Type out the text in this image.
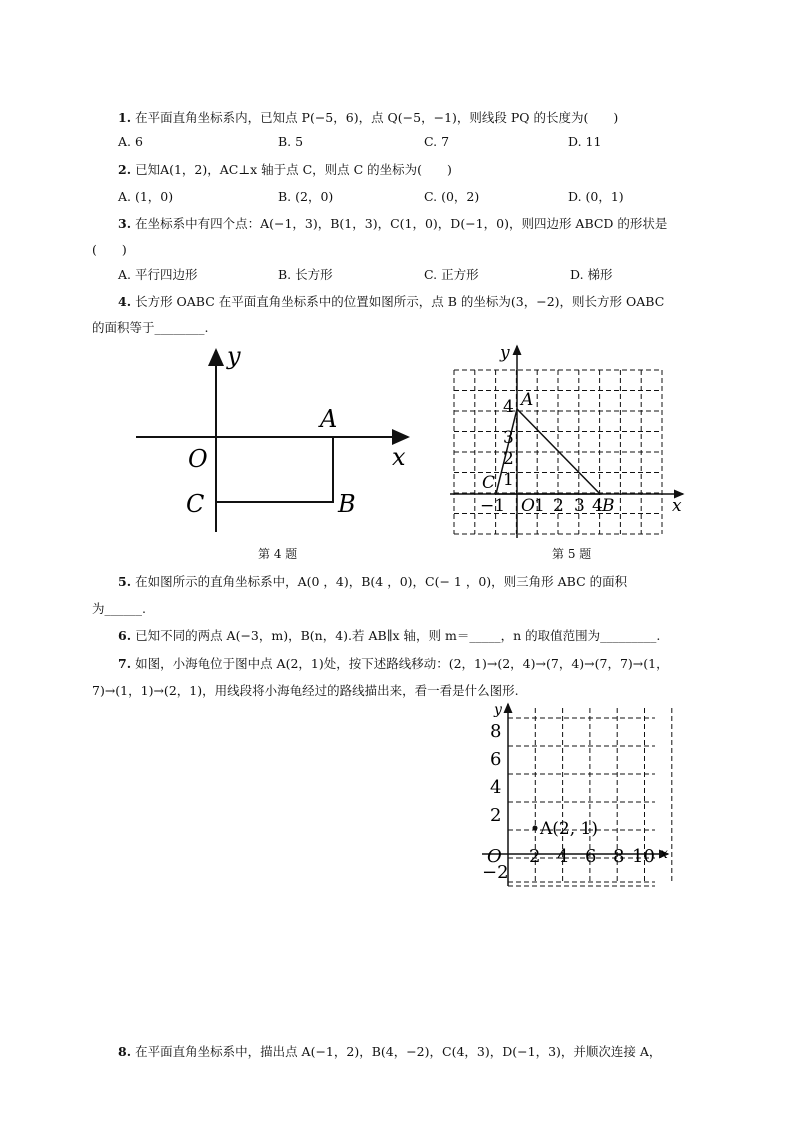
1. 在平面直角坐标系内，已知点 P(−5，6)，点 Q(−5，−1)，则线段 PQ 的长度为(　　)
A. 6	B. 5	C. 7	D. 11
2. 已知A(1，2)，AC⊥x 轴于点 C，则点 C 的坐标为(　　)
A. (1，0)	B. (2，0)	C. (0，2)	D. (0，1)
3. 在坐标系中有四个点：A(−1，3)，B(1，3)，C(1，0)，D(−1，0)，则四边形 ABCD 的形状是
(　　)
A. 平行四边形	B. 长方形	C. 正方形	D. 梯形
4. 长方形 OABC 在平面直角坐标系中的位置如图所示，点 B 的坐标为(3，−2)，则长方形 OABC
的面积等于________.
y
x
O
A
B
C
第 4 题
y
x
A
B
C
O
−1 1 2 3 4
1
2
3
4
第 5 题
5. 在如图所示的直角坐标系中，A(0 ，4)，B(4 ，0)，C(− 1 ，0)，则三角形 ABC 的面积
为______.
6. 已知不同的两点 A(−3，m)，B(n，4).若 AB∥x 轴，则 m＝_____，n 的取值范围为_________.
7. 如图，小海龟位于图中点 A(2，1)处，按下述路线移动：(2，1)→(2，4)→(7，4)→(7，7)→(1，
7)→(1，1)→(2，1)，用线段将小海龟经过的路线描出来，看一看是什么图形.
y
x
O
8
6
4
2
−2
2 4 6 8 10
A(2, 1)
8. 在平面直角坐标系中，描出点 A(−1，2)，B(4，−2)，C(4，3)，D(−1，3)，并顺次连接 A，
